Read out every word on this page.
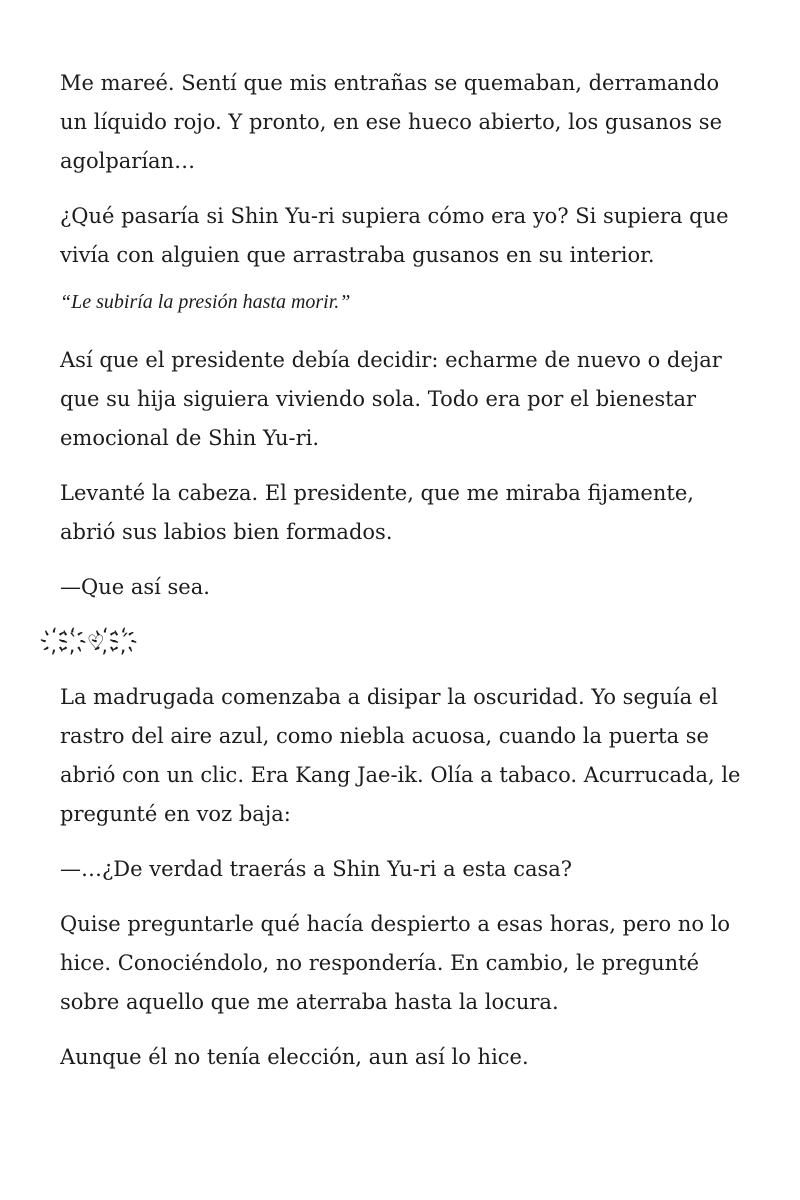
Me mareé. Sentí que mis entrañas se quemaban, derramando un líquido rojo. Y pronto, en ese hueco abierto, los gusanos se agolparían…

¿Qué pasaría si Shin Yu-ri supiera cómo era yo? Si supiera que vivía con alguien que arrastraba gusanos en su interior.

“Le subiría la presión hasta morir.”

Así que el presidente debía decidir: echarme de nuevo o dejar que su hija siguiera viviendo sola. Todo era por el bienestar emocional de Shin Yu-ri.

Levanté la cabeza. El presidente, que me miraba fijamente, abrió sus labios bien formados.

—Que así sea.

҉`҉♡ ҉´҉

La madrugada comenzaba a disipar la oscuridad. Yo seguía el rastro del aire azul, como niebla acuosa, cuando la puerta se abrió con un clic. Era Kang Jae-ik. Olía a tabaco. Acurrucada, le pregunté en voz baja:

—…¿De verdad traerás a Shin Yu-ri a esta casa?

Quise preguntarle qué hacía despierto a esas horas, pero no lo hice. Conociéndolo, no respondería. En cambio, le pregunté sobre aquello que me aterraba hasta la locura.

Aunque él no tenía elección, aun así lo hice.
